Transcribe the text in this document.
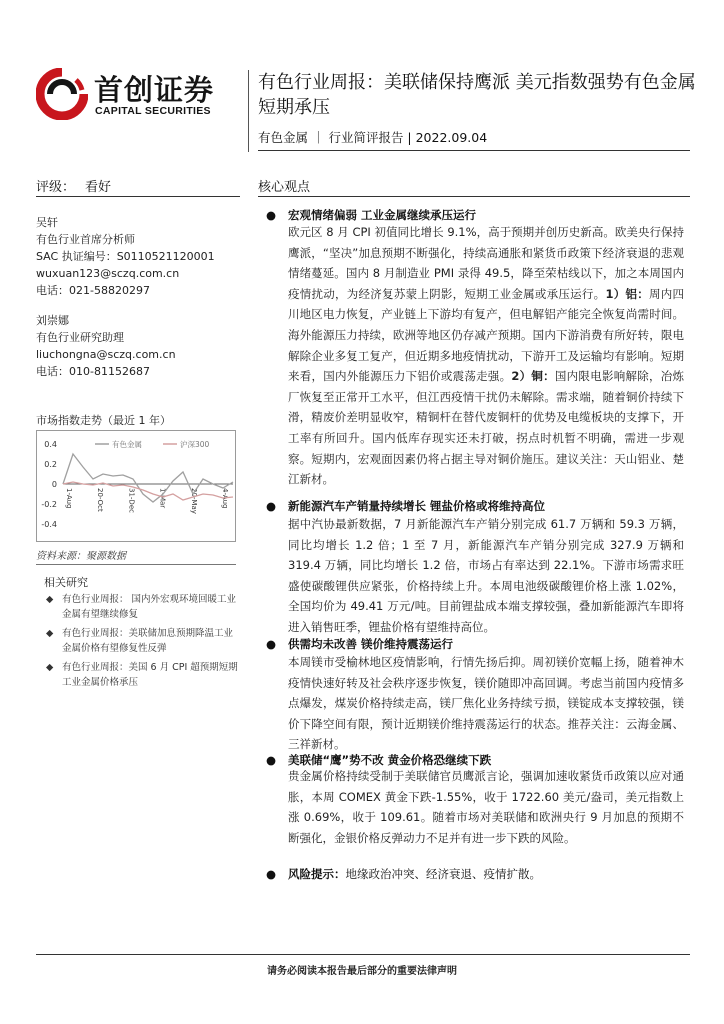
首创证券
CAPITAL SECURITIES
有色行业周报：美联储保持鹰派 美元指数强势有色金属短期承压
有色金属 ｜ 行业简评报告 | 2022.09.04
评级： 看好	核心观点
吴轩
有色行业首席分析师
SAC 执证编号：S0110521120001
wuxuan123@sczq.com.cn
电话：021-58820297
刘崇娜
有色行业研究助理
liuchongna@sczq.com.cn
电话：010-81152687
市场指数走势（最近 1 年）
0.4
0.2
0
-0.2
-0.4
1-Aug	20-Oct	31-Dec	1-Mar	20-May	4-Aug
有色金属	沪深300
资料来源：聚源数据
相关研究
◆ 有色行业周报： 国内外宏观环境回暖工业金属有望继续修复
◆ 有色行业周报：美联储加息预期降温工业金属价格有望修复性反弹
◆ 有色行业周报：美国 6 月 CPI 超预期短期工业金属价格承压
● 宏观情绪偏弱 工业金属继续承压运行
欧元区 8 月 CPI 初值同比增长 9.1%，高于预期并创历史新高。欧美央行保持鹰派，“坚决”加息预期不断强化，持续高通胀和紧货币政策下经济衰退的悲观情绪蔓延。国内 8 月制造业 PMI 录得 49.5，降至荣枯线以下，加之本周国内疫情扰动，为经济复苏蒙上阴影，短期工业金属或承压运行。1）铝：周内四川地区电力恢复，产业链上下游均有复产，但电解铝产能完全恢复尚需时间。海外能源压力持续，欧洲等地区仍存减产预期。国内下游消费有所好转，限电解除企业多复工复产，但近期多地疫情扰动，下游开工及运输均有影响。短期来看，国内外能源压力下铝价或震荡走强。2）铜：国内限电影响解除，冶炼厂恢复至正常开工水平，但江西疫情干扰仍未解除。需求端，随着铜价持续下滑，精废价差明显收窄，精铜杆在替代废铜杆的优势及电缆板块的支撑下，开工率有所回升。国内低库存现实还未打破，拐点时机暂不明确，需进一步观察。短期内，宏观面因素仍将占据主导对铜价施压。建议关注：天山铝业、楚江新材。
● 新能源汽车产销量持续增长 锂盐价格或将维持高位
据中汽协最新数据，7 月新能源汽车产销分别完成 61.7 万辆和 59.3 万辆，同比均增长 1.2 倍；1 至 7 月，新能源汽车产销分别完成 327.9 万辆和 319.4 万辆，同比均增长 1.2 倍，市场占有率达到 22.1%。下游市场需求旺盛使碳酸锂供应紧张，价格持续上升。本周电池级碳酸锂价格上涨 1.02%，全国均价为 49.41 万元/吨。目前锂盐成本端支撑较强，叠加新能源汽车即将进入销售旺季，锂盐价格有望维持高位。
● 供需均未改善 镁价维持震荡运行
本周镁市受榆林地区疫情影响，行情先扬后抑。周初镁价宽幅上扬，随着神木疫情快速好转及社会秩序逐步恢复，镁价随即冲高回调。考虑当前国内疫情多点爆发，煤炭价格持续走高，镁厂焦化业务持续亏损，镁锭成本支撑较强，镁价下降空间有限，预计近期镁价维持震荡运行的状态。推荐关注：云海金属、三祥新材。
● 美联储“鹰”势不改 黄金价格恐继续下跌
贵金属价格持续受制于美联储官员鹰派言论，强调加速收紧货币政策以应对通胀，本周 COMEX 黄金下跌-1.55%，收于 1722.60 美元/盎司，美元指数上涨 0.69%，收于 109.61。随着市场对美联储和欧洲央行 9 月加息的预期不断强化，金银价格反弹动力不足并有进一步下跌的风险。
● 风险提示：地缘政治冲突、经济衰退、疫情扩散。
请务必阅读本报告最后部分的重要法律声明
